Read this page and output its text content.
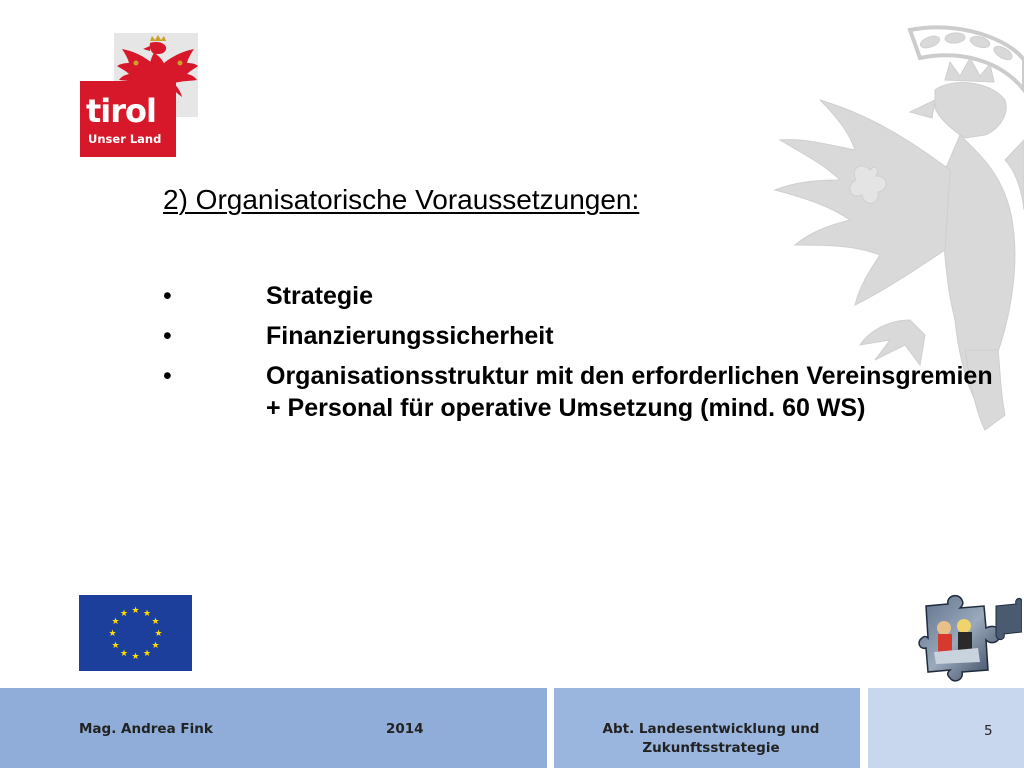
tirol
Unser Land
2) Organisatorische Voraussetzungen:
•	Strategie
•	Finanzierungssicherheit
•	Organisationsstruktur mit den erforderlichen Vereinsgremien + Personal für operative Umsetzung (mind. 60 WS)
★ ★
★
★
★
★
★
★
★
★
★
★
Mag. Andrea Fink	2014	Abt. Landesentwicklung und
Zukunftsstrategie
5
